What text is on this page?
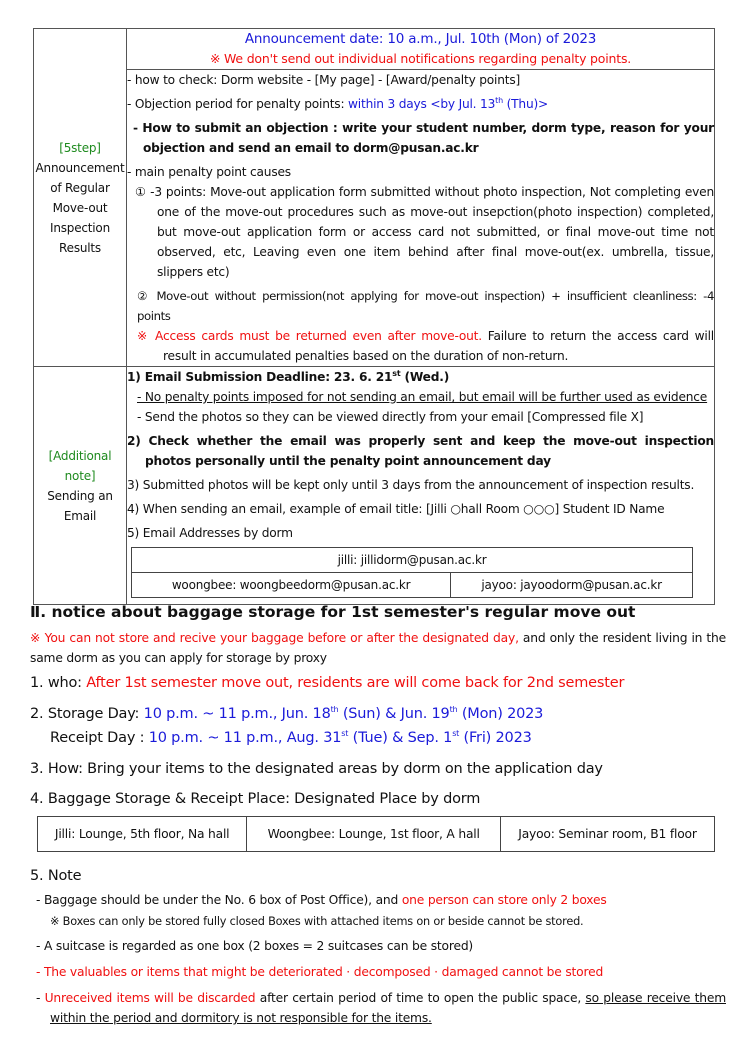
[5step]
Announcement
of Regular
Move-out
Inspection
Results

Announcement date: 10 a.m., Jul. 10th (Mon) of 2023
※ We don't send out individual notifications regarding penalty points.

- how to check: Dorm website - [My page] - [Award/penalty points]
- Objection period for penalty points: within 3 days <by Jul. 13th (Thu)>
- How to submit an objection : write your student number, dorm type, reason for your objection and send an email to dorm@pusan.ac.kr
- main penalty point causes
① -3 points: Move-out application form submitted without photo inspection, Not completing even one of the move-out procedures such as move-out insepction(photo inspection) completed, but move-out application form or access card not submitted, or final move-out time not observed, etc, Leaving even one item behind after final move-out(ex. umbrella, tissue, slippers etc)
② Move-out without permission(not applying for move-out inspection) + insufficient cleanliness: -4 points
※ Access cards must be returned even after move-out. Failure to return the access card will result in accumulated penalties based on the duration of non-return.

[Additional
note]
Sending an
Email

1) Email Submission Deadline: 23. 6. 21st (Wed.)
- No penalty points imposed for not sending an email, but email will be further used as evidence
- Send the photos so they can be viewed directly from your email [Compressed file X]
2) Check whether the email was properly sent and keep the move-out inspection photos personally until the penalty point announcement day
3) Submitted photos will be kept only until 3 days from the announcement of inspection results.
4) When sending an email, example of email title: [Jilli ○hall Room ○○○] Student ID Name
5) Email Addresses by dorm
jilli: jillidorm@pusan.ac.kr
woongbee: woongbeedorm@pusan.ac.kr	jayoo: jayoodorm@pusan.ac.kr
Ⅱ. notice about baggage storage for 1st semester's regular move out
※ You can not store and recive your baggage before or after the designated day, and only the resident living in the same dorm as you can apply for storage by proxy
1. who: After 1st semester move out, residents are will come back for 2nd semester
2. Storage Day: 10 p.m. ~ 11 p.m., Jun. 18th (Sun) & Jun. 19th (Mon) 2023
Receipt Day : 10 p.m. ~ 11 p.m., Aug. 31st (Tue) & Sep. 1st (Fri) 2023
3. How: Bring your items to the designated areas by dorm on the application day
4. Baggage Storage & Receipt Place: Designated Place by dorm
Jilli: Lounge, 5th floor, Na hall	Woongbee: Lounge, 1st floor, A hall	Jayoo: Seminar room, B1 floor
5. Note
- Baggage should be under the No. 6 box of Post Office), and one person can store only 2 boxes
※ Boxes can only be stored fully closed Boxes with attached items on or beside cannot be stored.
- A suitcase is regarded as one box (2 boxes = 2 suitcases can be stored)
- The valuables or items that might be deteriorated · decomposed · damaged cannot be stored
- Unreceived items will be discarded after certain period of time to open the public space, so please receive them within the period and dormitory is not responsible for the items.
